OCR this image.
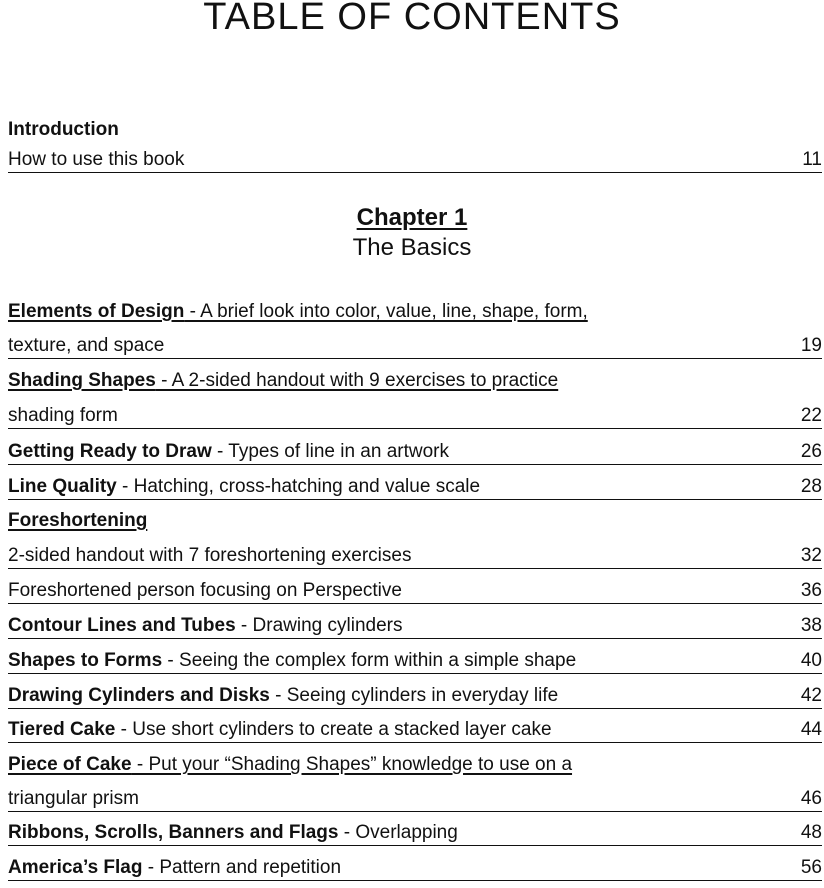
TABLE OF CONTENTS
Introduction
How to use this book	11
Chapter 1
The Basics
Elements of Design - A brief look into color, value, line, shape, form,
texture, and space	19
Shading Shapes - A 2-sided handout with 9 exercises to practice
shading form	22
Getting Ready to Draw - Types of line in an artwork	26
Line Quality - Hatching, cross-hatching and value scale	28
Foreshortening
2-sided handout with 7 foreshortening exercises	32
Foreshortened person focusing on Perspective	36
Contour Lines and Tubes - Drawing cylinders	38
Shapes to Forms - Seeing the complex form within a simple shape	40
Drawing Cylinders and Disks - Seeing cylinders in everyday life	42
Tiered Cake - Use short cylinders to create a stacked layer cake	44
Piece of Cake - Put your “Shading Shapes” knowledge to use on a
triangular prism	46
Ribbons, Scrolls, Banners and Flags - Overlapping	48
America’s Flag - Pattern and repetition	56
